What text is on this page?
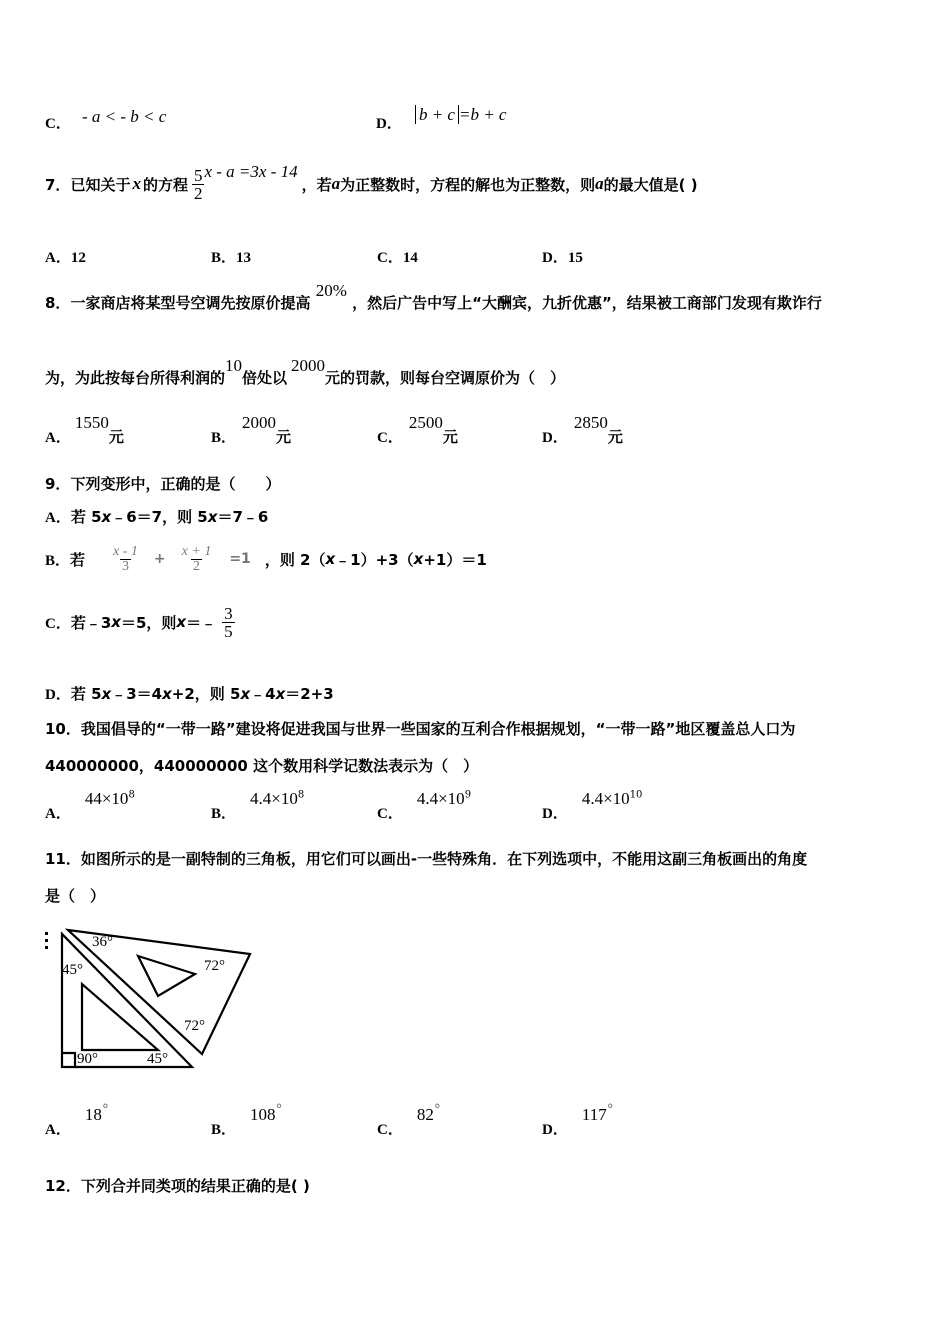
C． - a < - b < c	D． b + c =b + c
7． 已知关于 x 的方程 $\frac{5}{2}$ x - a =3x - 14
，若 a 为正整数时，方程的解也为正整数，则 a 的最大值是( )
A．12	B．13	C．14	D．15
8．一家商店将某型号空调先按原价提高 20% ，然后广告中写上“大酬宾，九折优惠”，结果被工商部门发现有欺诈行
为，为此按每台所得利润的10倍处以2000元的罚款，则每台空调原价为（　）
A．1550元	B．2000元	C．2500元	D．2850元
9．下列变形中，正确的是（　　）
A．若 5x﹣6＝7，则 5x＝7﹣6
B． 若 $\frac{x - 1}{3} + \frac{x + 1}{2} =1$ ，则 2（ x ﹣1）+3（ x +1）＝1
C． 若﹣3 x ＝5，则 x ＝﹣ $\frac{3}{5}$
D．若 5x﹣3＝4x+2，则 5x﹣4x＝2+3
10．我国倡导的“一带一路”建设将促进我国与世界一些国家的互利合作根据规划，“一带一路”地区覆盖总人口为
440000000，440000000 这个数用科学记数法表示为（　）
A．$44\times 10^8$
B．$4.4\times 10^8$
C．$4.4\times 10^9$
D．$4.4\times 10^{10}$
11．如图所示的是一副特制的三角板，用它们可以画出-一些特殊角．在下列选项中，不能用这副三角板画出的角度
是（　）
36°
45°	72°
72°
90°	45°
A．18°
B．108°
C．82°
D．117°
12．下列合并同类项的结果正确的是( )
